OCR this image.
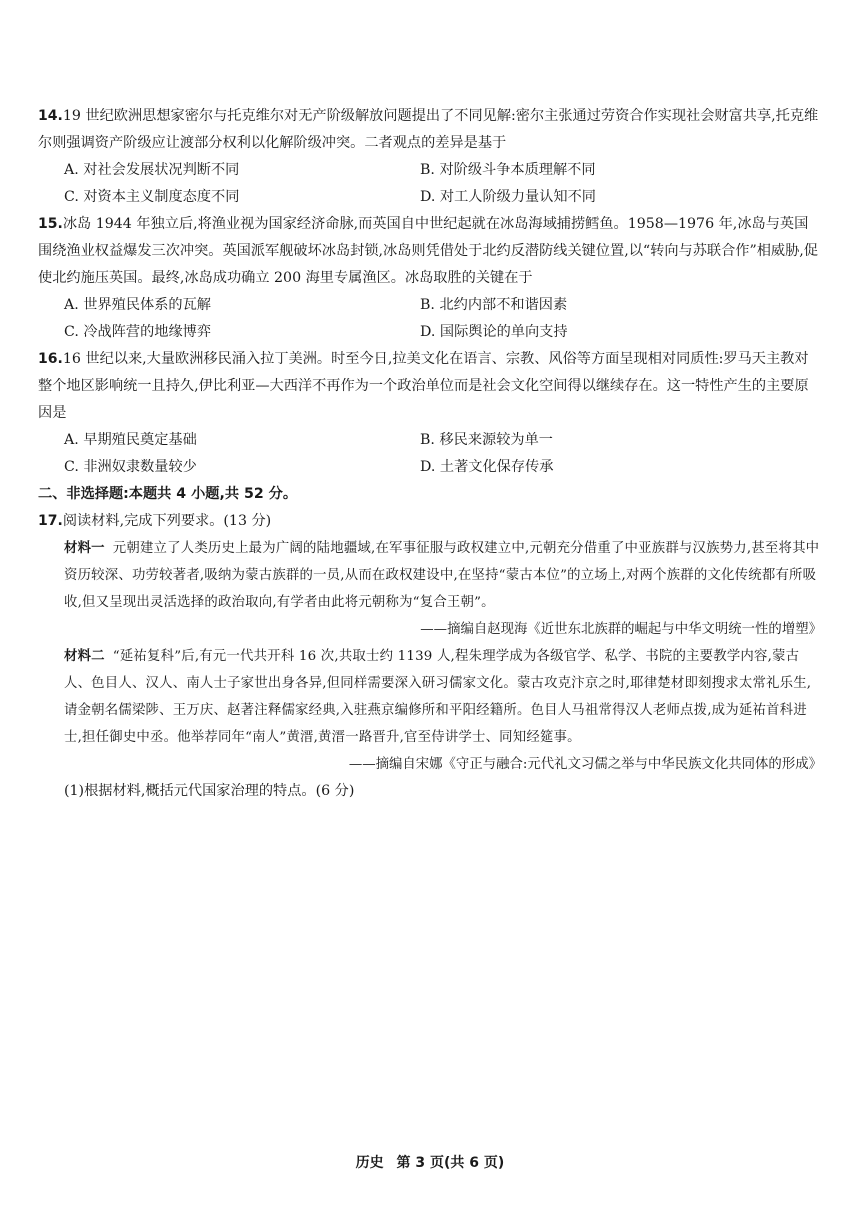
14.19 世纪欧洲思想家密尔与托克维尔对无产阶级解放问题提出了不同见解:密尔主张通过劳资合作实现社会财富共享,托克维尔则强调资产阶级应让渡部分权利以化解阶级冲突。二者观点的差异是基于
A. 对社会发展状况判断不同	B. 对阶级斗争本质理解不同
C. 对资本主义制度态度不同	D. 对工人阶级力量认知不同
15.冰岛 1944 年独立后,将渔业视为国家经济命脉,而英国自中世纪起就在冰岛海域捕捞鳕鱼。1958—1976 年,冰岛与英国围绕渔业权益爆发三次冲突。英国派军舰破坏冰岛封锁,冰岛则凭借处于北约反潜防线关键位置,以“转向与苏联合作”相威胁,促使北约施压英国。最终,冰岛成功确立 200 海里专属渔区。冰岛取胜的关键在于
A. 世界殖民体系的瓦解	B. 北约内部不和谐因素
C. 冷战阵营的地缘博弈	D. 国际舆论的单向支持
16.16 世纪以来,大量欧洲移民涌入拉丁美洲。时至今日,拉美文化在语言、宗教、风俗等方面呈现相对同质性:罗马天主教对整个地区影响统一且持久,伊比利亚—大西洋不再作为一个政治单位而是社会文化空间得以继续存在。这一特性产生的主要原因是
A. 早期殖民奠定基础	B. 移民来源较为单一
C. 非洲奴隶数量较少	D. 土著文化保存传承
二、非选择题:本题共 4 小题,共 52 分。
17.阅读材料,完成下列要求。(13 分)
材料一 元朝建立了人类历史上最为广阔的陆地疆域,在军事征服与政权建立中,元朝充分借重了中亚族群与汉族势力,甚至将其中资历较深、功劳较著者,吸纳为蒙古族群的一员,从而在政权建设中,在坚持“蒙古本位”的立场上,对两个族群的文化传统都有所吸收,但又呈现出灵活选择的政治取向,有学者由此将元朝称为“复合王朝”。
——摘编自赵现海《近世东北族群的崛起与中华文明统一性的增塑》
材料二 “延祐复科”后,有元一代共开科 16 次,共取士约 1139 人,程朱理学成为各级官学、私学、书院的主要教学内容,蒙古人、色目人、汉人、南人士子家世出身各异,但同样需要深入研习儒家文化。蒙古攻克汴京之时,耶律楚材即刻搜求太常礼乐生,请金朝名儒梁陟、王万庆、赵著注释儒家经典,入驻燕京编修所和平阳经籍所。色目人马祖常得汉人老师点拨,成为延祐首科进士,担任御史中丞。他举荐同年“南人”黄溍,黄溍一路晋升,官至侍讲学士、同知经筵事。
——摘编自宋娜《守正与融合:元代礼文习儒之举与中华民族文化共同体的形成》
(1)根据材料,概括元代国家治理的特点。(6 分)
历史 第 3 页(共 6 页)
